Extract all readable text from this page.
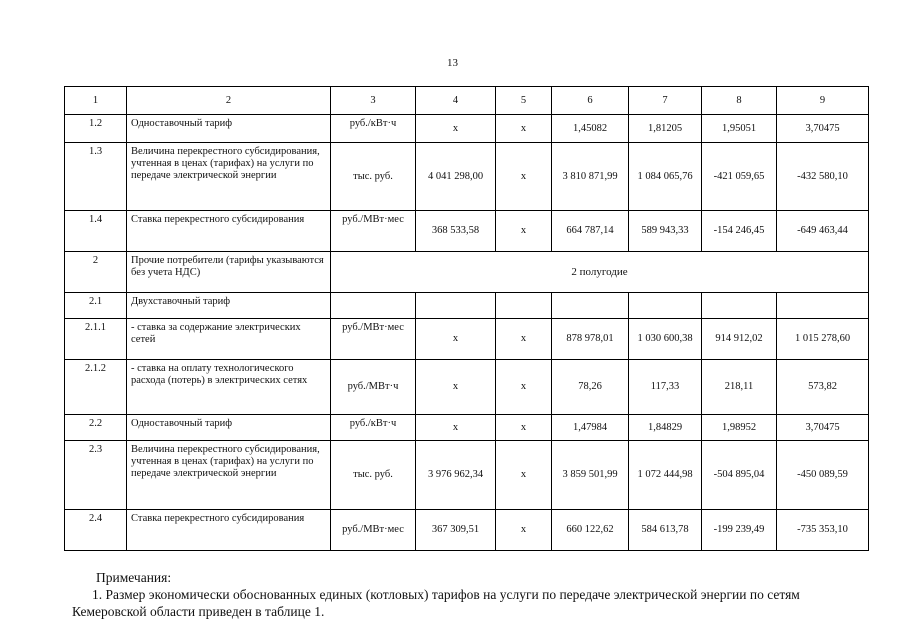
13
1	2	3	4	5	6	7	8	9
1.2	Одноставочный тариф	руб./кВт·ч	х	х	1,45082	1,81205	1,95051	3,70475
1.3	Величина перекрестного субсидирования, учтенная в ценах (тарифах) на услуги по передаче электрической энергии	тыс. руб.	4 041 298,00	х	3 810 871,99	1 084 065,76	-421 059,65	-432 580,10
1.4	Ставка перекрестного субсидирования	руб./МВт·мес	368 533,58	х	664 787,14	589 943,33	-154 246,45	-649 463,44
2	Прочие потребители (тарифы указываются без учета НДС)	2 полугодие						
2.1	Двухставочный тариф							
2.1.1	- ставка за содержание электрических сетей	руб./МВт·мес	х	х	878 978,01	1 030 600,38	914 912,02	1 015 278,60
2.1.2	- ставка на оплату технологического расхода (потерь) в электрических сетях	руб./МВт·ч	х	х	78,26	117,33	218,11	573,82
2.2	Одноставочный тариф	руб./кВт·ч	х	х	1,47984	1,84829	1,98952	3,70475
2.3	Величина перекрестного субсидирования, учтенная в ценах (тарифах) на услуги по передаче электрической энергии	тыс. руб.	3 976 962,34	х	3 859 501,99	1 072 444,98	-504 895,04	-450 089,59
2.4	Ставка перекрестного субсидирования	руб./МВт·мес	367 309,51	х	660 122,62	584 613,78	-199 239,49	-735 353,10
Примечания:
1. Размер экономически обоснованных единых (котловых) тарифов на услуги по передаче электрической энергии по сетям Кемеровской области приведен в таблице 1.
